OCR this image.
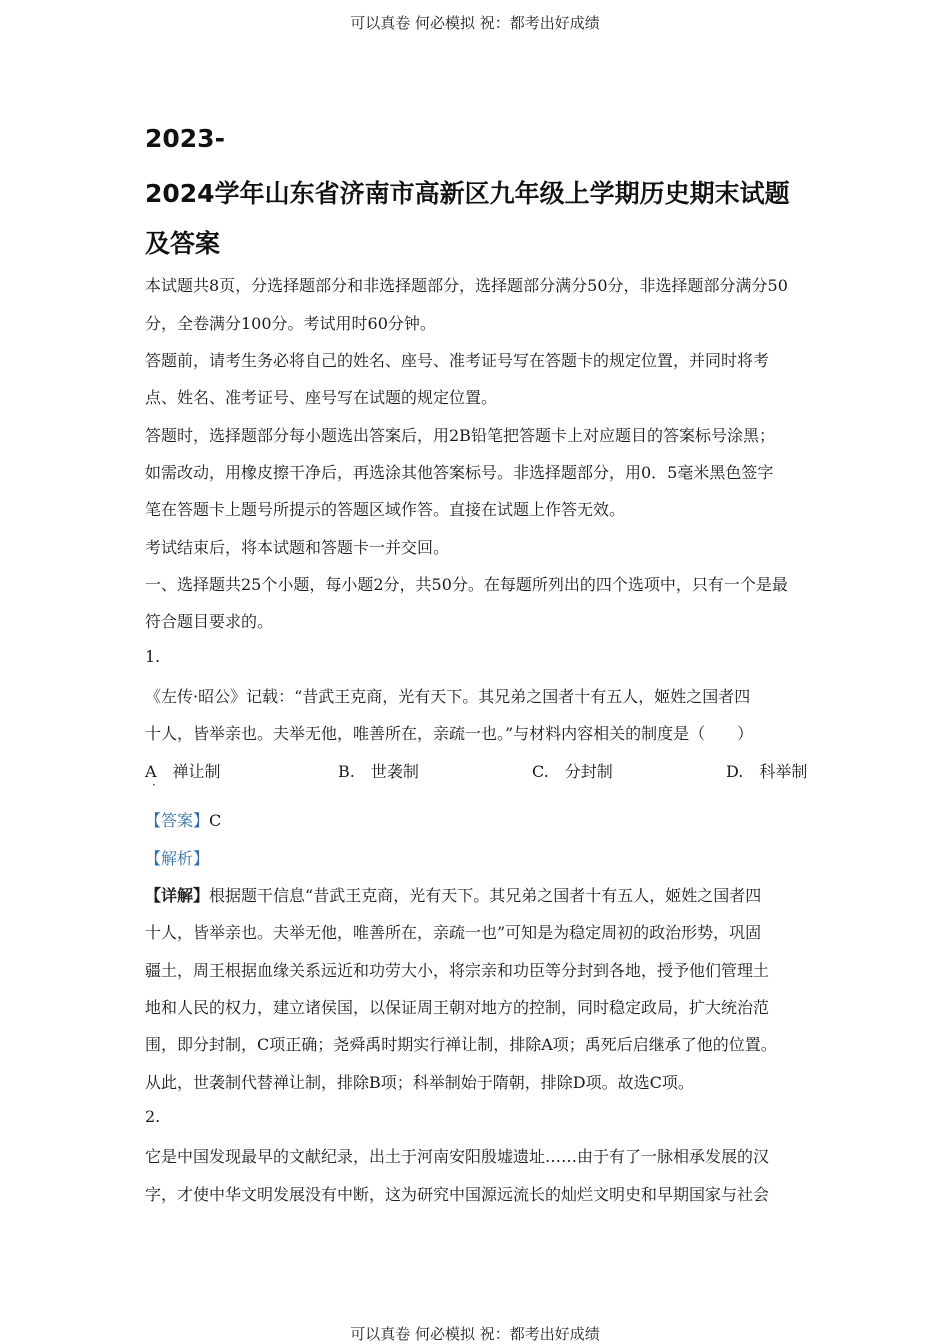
可以真卷 何必模拟 祝：都考出好成绩
2023-
2024学年山东省济南市高新区九年级上学期历史期末试题
及答案
本试题共8页，分选择题部分和非选择题部分，选择题部分满分50分，非选择题部分满分50
分，全卷满分100分。考试用时60分钟。
答题前，请考生务必将自己的姓名、座号、准考证号写在答题卡的规定位置，并同时将考
点、姓名、准考证号、座号写在试题的规定位置。
答题时，选择题部分每小题选出答案后，用2B铅笔把答题卡上对应题目的答案标号涂黑；
如需改动，用橡皮擦干净后，再选涂其他答案标号。非选择题部分，用0．5毫米黑色签字
笔在答题卡上题号所提示的答题区域作答。直接在试题上作答无效。
考试结束后，将本试题和答题卡一并交回。
一、选择题共25个小题，每小题2分，共50分。在每题所列出的四个选项中，只有一个是最
符合题目要求的。
1.
《左传·昭公》记载：“昔武王克商，光有天下。其兄弟之国者十有五人，姬姓之国者四
十人，皆举亲也。夫举无他，唯善所在，亲疏一也。”与材料内容相关的制度是（　　）
A　禅让制	B.　世袭制	C.　分封制	D.　科举制
·
【答案】C
【解析】
【详解】根据题干信息“昔武王克商，光有天下。其兄弟之国者十有五人，姬姓之国者四
十人，皆举亲也。夫举无他，唯善所在，亲疏一也”可知是为稳定周初的政治形势，巩固
疆土，周王根据血缘关系远近和功劳大小，将宗亲和功臣等分封到各地，授予他们管理土
地和人民的权力，建立诸侯国，以保证周王朝对地方的控制，同时稳定政局，扩大统治范
围，即分封制，C项正确；尧舜禹时期实行禅让制，排除A项；禹死后启继承了他的位置。
从此，世袭制代替禅让制，排除B项；科举制始于隋朝，排除D项。故选C项。
2.
它是中国发现最早的文献纪录，出土于河南安阳殷墟遗址……由于有了一脉相承发展的汉
字，才使中华文明发展没有中断，这为研究中国源远流长的灿烂文明史和早期国家与社会
可以真卷 何必模拟 祝：都考出好成绩
